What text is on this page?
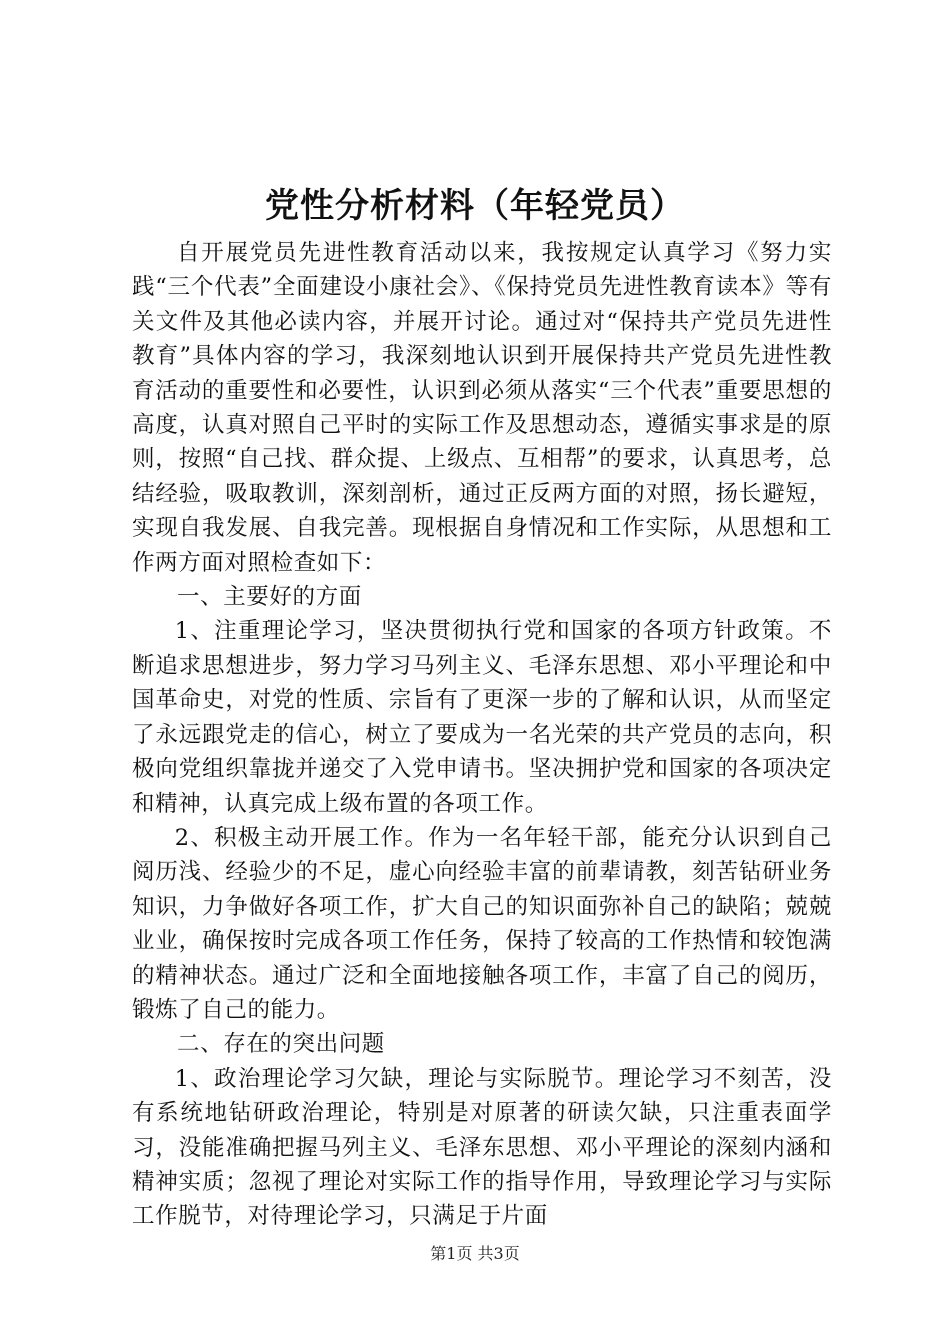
党性分析材料（年轻党员）

自开展党员先进性教育活动以来，我按规定认真学习《努力实践“三个代表”全面建设小康社会》、《保持党员先进性教育读本》等有关文件及其他必读内容，并展开讨论。通过对“保持共产党员先进性教育”具体内容的学习，我深刻地认识到开展保持共产党员先进性教育活动的重要性和必要性，认识到必须从落实“三个代表”重要思想的高度，认真对照自己平时的实际工作及思想动态，遵循实事求是的原则，按照“自己找、群众提、上级点、互相帮”的要求，认真思考，总结经验，吸取教训，深刻剖析，通过正反两方面的对照，扬长避短，实现自我发展、自我完善。现根据自身情况和工作实际，从思想和工作两方面对照检查如下：

一、主要好的方面

1、注重理论学习，坚决贯彻执行党和国家的各项方针政策。不断追求思想进步，努力学习马列主义、毛泽东思想、邓小平理论和中国革命史，对党的性质、宗旨有了更深一步的了解和认识，从而坚定了永远跟党走的信心，树立了要成为一名光荣的共产党员的志向，积极向党组织靠拢并递交了入党申请书。坚决拥护党和国家的各项决定和精神，认真完成上级布置的各项工作。

2、积极主动开展工作。作为一名年轻干部，能充分认识到自己阅历浅、经验少的不足，虚心向经验丰富的前辈请教，刻苦钻研业务知识，力争做好各项工作，扩大自己的知识面弥补自己的缺陷；兢兢业业，确保按时完成各项工作任务，保持了较高的工作热情和较饱满的精神状态。通过广泛和全面地接触各项工作，丰富了自己的阅历，锻炼了自己的能力。

二、存在的突出问题

1、政治理论学习欠缺，理论与实际脱节。理论学习不刻苦，没有系统地钻研政治理论，特别是对原著的研读欠缺，只注重表面学习，没能准确把握马列主义、毛泽东思想、邓小平理论的深刻内涵和精神实质；忽视了理论对实际工作的指导作用，导致理论学习与实际工作脱节，对待理论学习，只满足于片面

第1页 共3页
